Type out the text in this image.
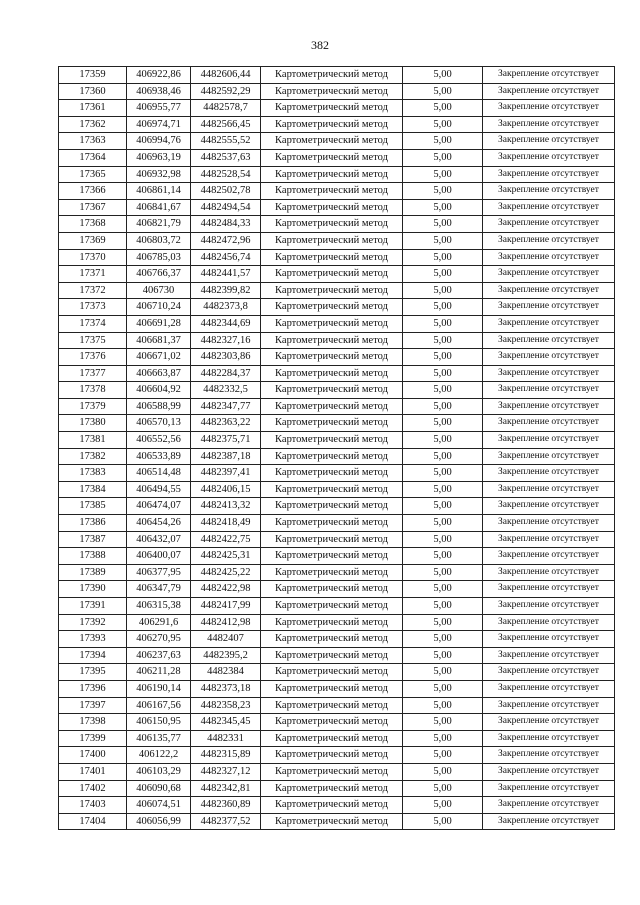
382
17359	406922,86	4482606,44	Картометрический метод	5,00	Закрепление отсутствует
17360	406938,46	4482592,29	Картометрический метод	5,00	Закрепление отсутствует
17361	406955,77	4482578,7	Картометрический метод	5,00	Закрепление отсутствует
17362	406974,71	4482566,45	Картометрический метод	5,00	Закрепление отсутствует
17363	406994,76	4482555,52	Картометрический метод	5,00	Закрепление отсутствует
17364	406963,19	4482537,63	Картометрический метод	5,00	Закрепление отсутствует
17365	406932,98	4482528,54	Картометрический метод	5,00	Закрепление отсутствует
17366	406861,14	4482502,78	Картометрический метод	5,00	Закрепление отсутствует
17367	406841,67	4482494,54	Картометрический метод	5,00	Закрепление отсутствует
17368	406821,79	4482484,33	Картометрический метод	5,00	Закрепление отсутствует
17369	406803,72	4482472,96	Картометрический метод	5,00	Закрепление отсутствует
17370	406785,03	4482456,74	Картометрический метод	5,00	Закрепление отсутствует
17371	406766,37	4482441,57	Картометрический метод	5,00	Закрепление отсутствует
17372	406730	4482399,82	Картометрический метод	5,00	Закрепление отсутствует
17373	406710,24	4482373,8	Картометрический метод	5,00	Закрепление отсутствует
17374	406691,28	4482344,69	Картометрический метод	5,00	Закрепление отсутствует
17375	406681,37	4482327,16	Картометрический метод	5,00	Закрепление отсутствует
17376	406671,02	4482303,86	Картометрический метод	5,00	Закрепление отсутствует
17377	406663,87	4482284,37	Картометрический метод	5,00	Закрепление отсутствует
17378	406604,92	4482332,5	Картометрический метод	5,00	Закрепление отсутствует
17379	406588,99	4482347,77	Картометрический метод	5,00	Закрепление отсутствует
17380	406570,13	4482363,22	Картометрический метод	5,00	Закрепление отсутствует
17381	406552,56	4482375,71	Картометрический метод	5,00	Закрепление отсутствует
17382	406533,89	4482387,18	Картометрический метод	5,00	Закрепление отсутствует
17383	406514,48	4482397,41	Картометрический метод	5,00	Закрепление отсутствует
17384	406494,55	4482406,15	Картометрический метод	5,00	Закрепление отсутствует
17385	406474,07	4482413,32	Картометрический метод	5,00	Закрепление отсутствует
17386	406454,26	4482418,49	Картометрический метод	5,00	Закрепление отсутствует
17387	406432,07	4482422,75	Картометрический метод	5,00	Закрепление отсутствует
17388	406400,07	4482425,31	Картометрический метод	5,00	Закрепление отсутствует
17389	406377,95	4482425,22	Картометрический метод	5,00	Закрепление отсутствует
17390	406347,79	4482422,98	Картометрический метод	5,00	Закрепление отсутствует
17391	406315,38	4482417,99	Картометрический метод	5,00	Закрепление отсутствует
17392	406291,6	4482412,98	Картометрический метод	5,00	Закрепление отсутствует
17393	406270,95	4482407	Картометрический метод	5,00	Закрепление отсутствует
17394	406237,63	4482395,2	Картометрический метод	5,00	Закрепление отсутствует
17395	406211,28	4482384	Картометрический метод	5,00	Закрепление отсутствует
17396	406190,14	4482373,18	Картометрический метод	5,00	Закрепление отсутствует
17397	406167,56	4482358,23	Картометрический метод	5,00	Закрепление отсутствует
17398	406150,95	4482345,45	Картометрический метод	5,00	Закрепление отсутствует
17399	406135,77	4482331	Картометрический метод	5,00	Закрепление отсутствует
17400	406122,2	4482315,89	Картометрический метод	5,00	Закрепление отсутствует
17401	406103,29	4482327,12	Картометрический метод	5,00	Закрепление отсутствует
17402	406090,68	4482342,81	Картометрический метод	5,00	Закрепление отсутствует
17403	406074,51	4482360,89	Картометрический метод	5,00	Закрепление отсутствует
17404	406056,99	4482377,52	Картометрический метод	5,00	Закрепление отсутствует
